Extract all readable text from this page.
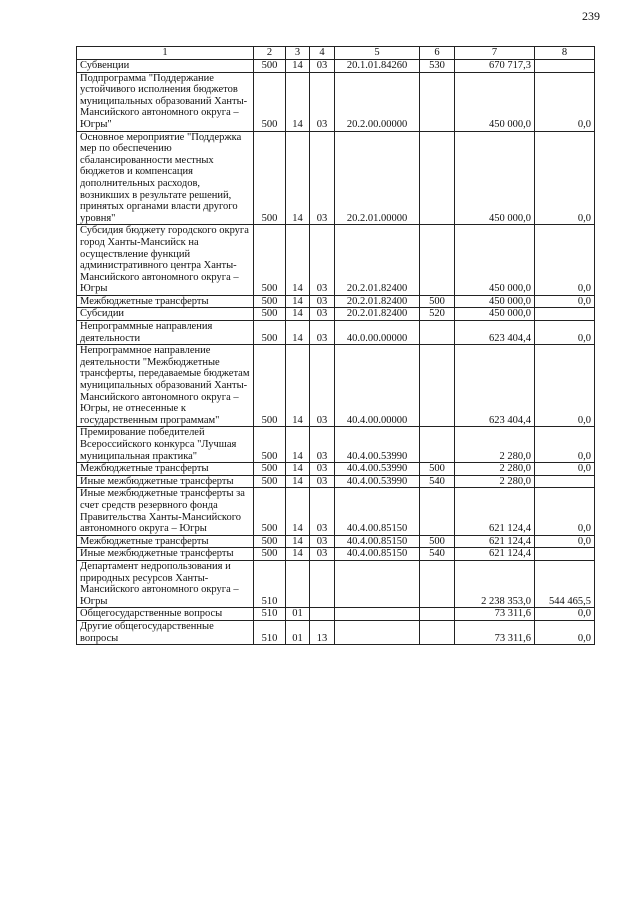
239
1	2	3	4	5	6	7	8
Субвенции	500	14	03	20.1.01.84260	530	670 717,3	
Подпрограмма "Поддержание устойчивого исполнения бюджетов муниципальных образований Ханты-Мансийского автономного округа – Югры"	500	14	03	20.2.00.00000		450 000,0	0,0
Основное мероприятие "Поддержка мер по обеспечению сбалансированности местных бюджетов и компенсация дополнительных расходов, возникших в результате решений, принятых органами власти другого уровня"	500	14	03	20.2.01.00000		450 000,0	0,0
Субсидия бюджету городского округа город Ханты-Мансийск на осуществление функций административного центра Ханты-Мансийского автономного округа – Югры	500	14	03	20.2.01.82400		450 000,0	0,0
Межбюджетные трансферты	500	14	03	20.2.01.82400	500	450 000,0	0,0
Субсидии	500	14	03	20.2.01.82400	520	450 000,0	
Непрограммные направления деятельности	500	14	03	40.0.00.00000		623 404,4	0,0
Непрограммное направление деятельности "Межбюджетные трансферты, передаваемые бюджетам муниципальных образований Ханты-Мансийского автономного округа – Югры, не отнесенные к государственным программам"	500	14	03	40.4.00.00000		623 404,4	0,0
Премирование победителей Всероссийского конкурса "Лучшая муниципальная практика"	500	14	03	40.4.00.53990		2 280,0	0,0
Межбюджетные трансферты	500	14	03	40.4.00.53990	500	2 280,0	0,0
Иные межбюджетные трансферты	500	14	03	40.4.00.53990	540	2 280,0	
Иные межбюджетные трансферты за счет средств резервного фонда Правительства Ханты-Мансийского автономного округа – Югры	500	14	03	40.4.00.85150		621 124,4	0,0
Межбюджетные трансферты	500	14	03	40.4.00.85150	500	621 124,4	0,0
Иные межбюджетные трансферты	500	14	03	40.4.00.85150	540	621 124,4	
Департамент недропользования и природных ресурсов Ханты-Мансийского автономного округа – Югры	510					2 238 353,0	544 465,5
Общегосударственные вопросы	510	01				73 311,6	0,0
Другие общегосударственные вопросы	510	01	13			73 311,6	0,0
